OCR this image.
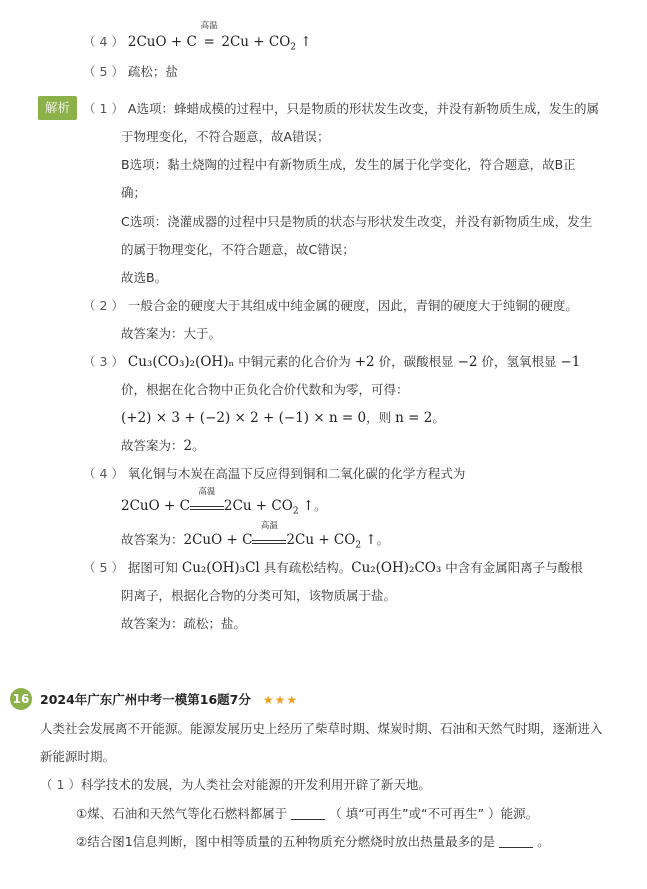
（ 4 ） 2CuO + C
高温
= $2Cu + CO_2$ ↑
（ 5 ） 疏松；盐
解析	（ 1 ） A选项：蜂蜡成模的过程中，只是物质的形状发生改变，并没有新物质生成，发生的属
于物理变化，不符合题意，故A错误；
B选项：黏土烧陶的过程中有新物质生成，发生的属于化学变化，符合题意，故B正
确；
C选项：浇灌成器的过程中只是物质的状态与形状发生改变，并没有新物质生成，发生
的属于物理变化，不符合题意，故C错误；
故选B。
（ 2 ） 一般合金的硬度大于其组成中纯金属的硬度，因此，青铜的硬度大于纯铜的硬度。
故答案为：大于。
（ 3 ） Cu₃(CO₃)₂(OH)ₙ 中铜元素的化合价为 +2 价，碳酸根显 −2 价，氢氧根显 −1
价，根据在化合物中正负化合价代数和为零，可得：
(+2) × 3 + (−2) × 2 + (−1) × n = 0，则 n = 2。
故答案为：2。
（ 4 ） 氧化铜与木炭在高温下反应得到铜和二氧化碳的化学方程式为
2CuO + C
高温
$2Cu + CO_2$ ↑。
故答案为：2CuO + C
高温
$2Cu + CO_2$ ↑。
（ 5 ） 据图可知 Cu₂(OH)₃Cl 具有疏松结构。Cu₂(OH)₂CO₃ 中含有金属阳离子与酸根
阴离子，根据化合物的分类可知，该物质属于盐。
故答案为：疏松；盐。
16 2024年广东广州中考一模第16题7分 ★★★
人类社会发展离不开能源。能源发展历史上经历了柴草时期、煤炭时期、石油和天然气时期，逐渐进入
新能源时期。
（ 1 ）科学技术的发展，为人类社会对能源的开发利用开辟了新天地。
①煤、石油和天然气等化石燃料都属于	（ 填“可再生”或“不可再生” ）能源。
②结合图1信息判断，图中相等质量的五种物质充分燃烧时放出热量最多的是	。
